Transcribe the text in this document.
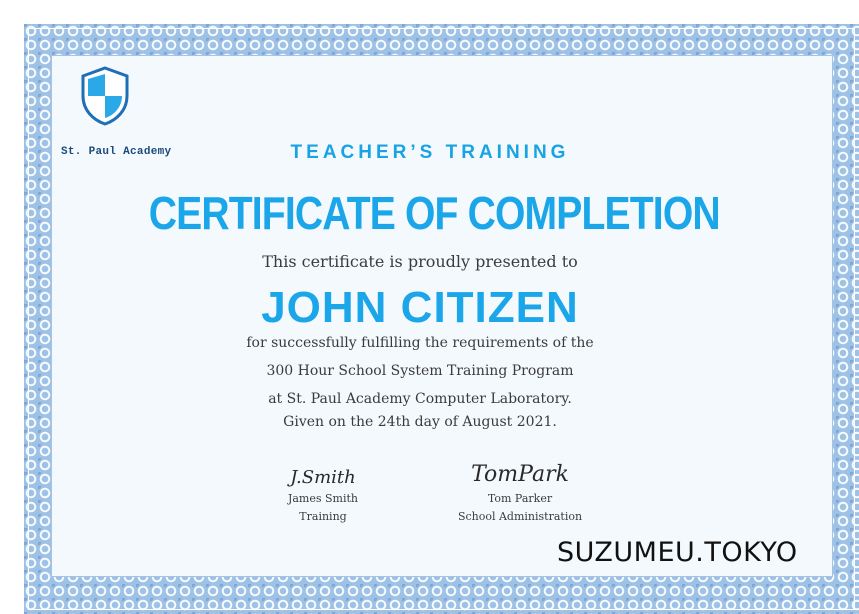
St. Paul Academy	TEACHER’S TRAINING
CERTIFICATE OF COMPLETION
This certificate is proudly presented to
JOHN CITIZEN
for successfully fulfilling the requirements of the
300 Hour School System Training Program
at St. Paul Academy Computer Laboratory.
Given on the 24th day of August 2021.
J.Smith
James Smith
Training
TomPark
Tom Parker
School Administration
SUZUMEU.TOKYO
